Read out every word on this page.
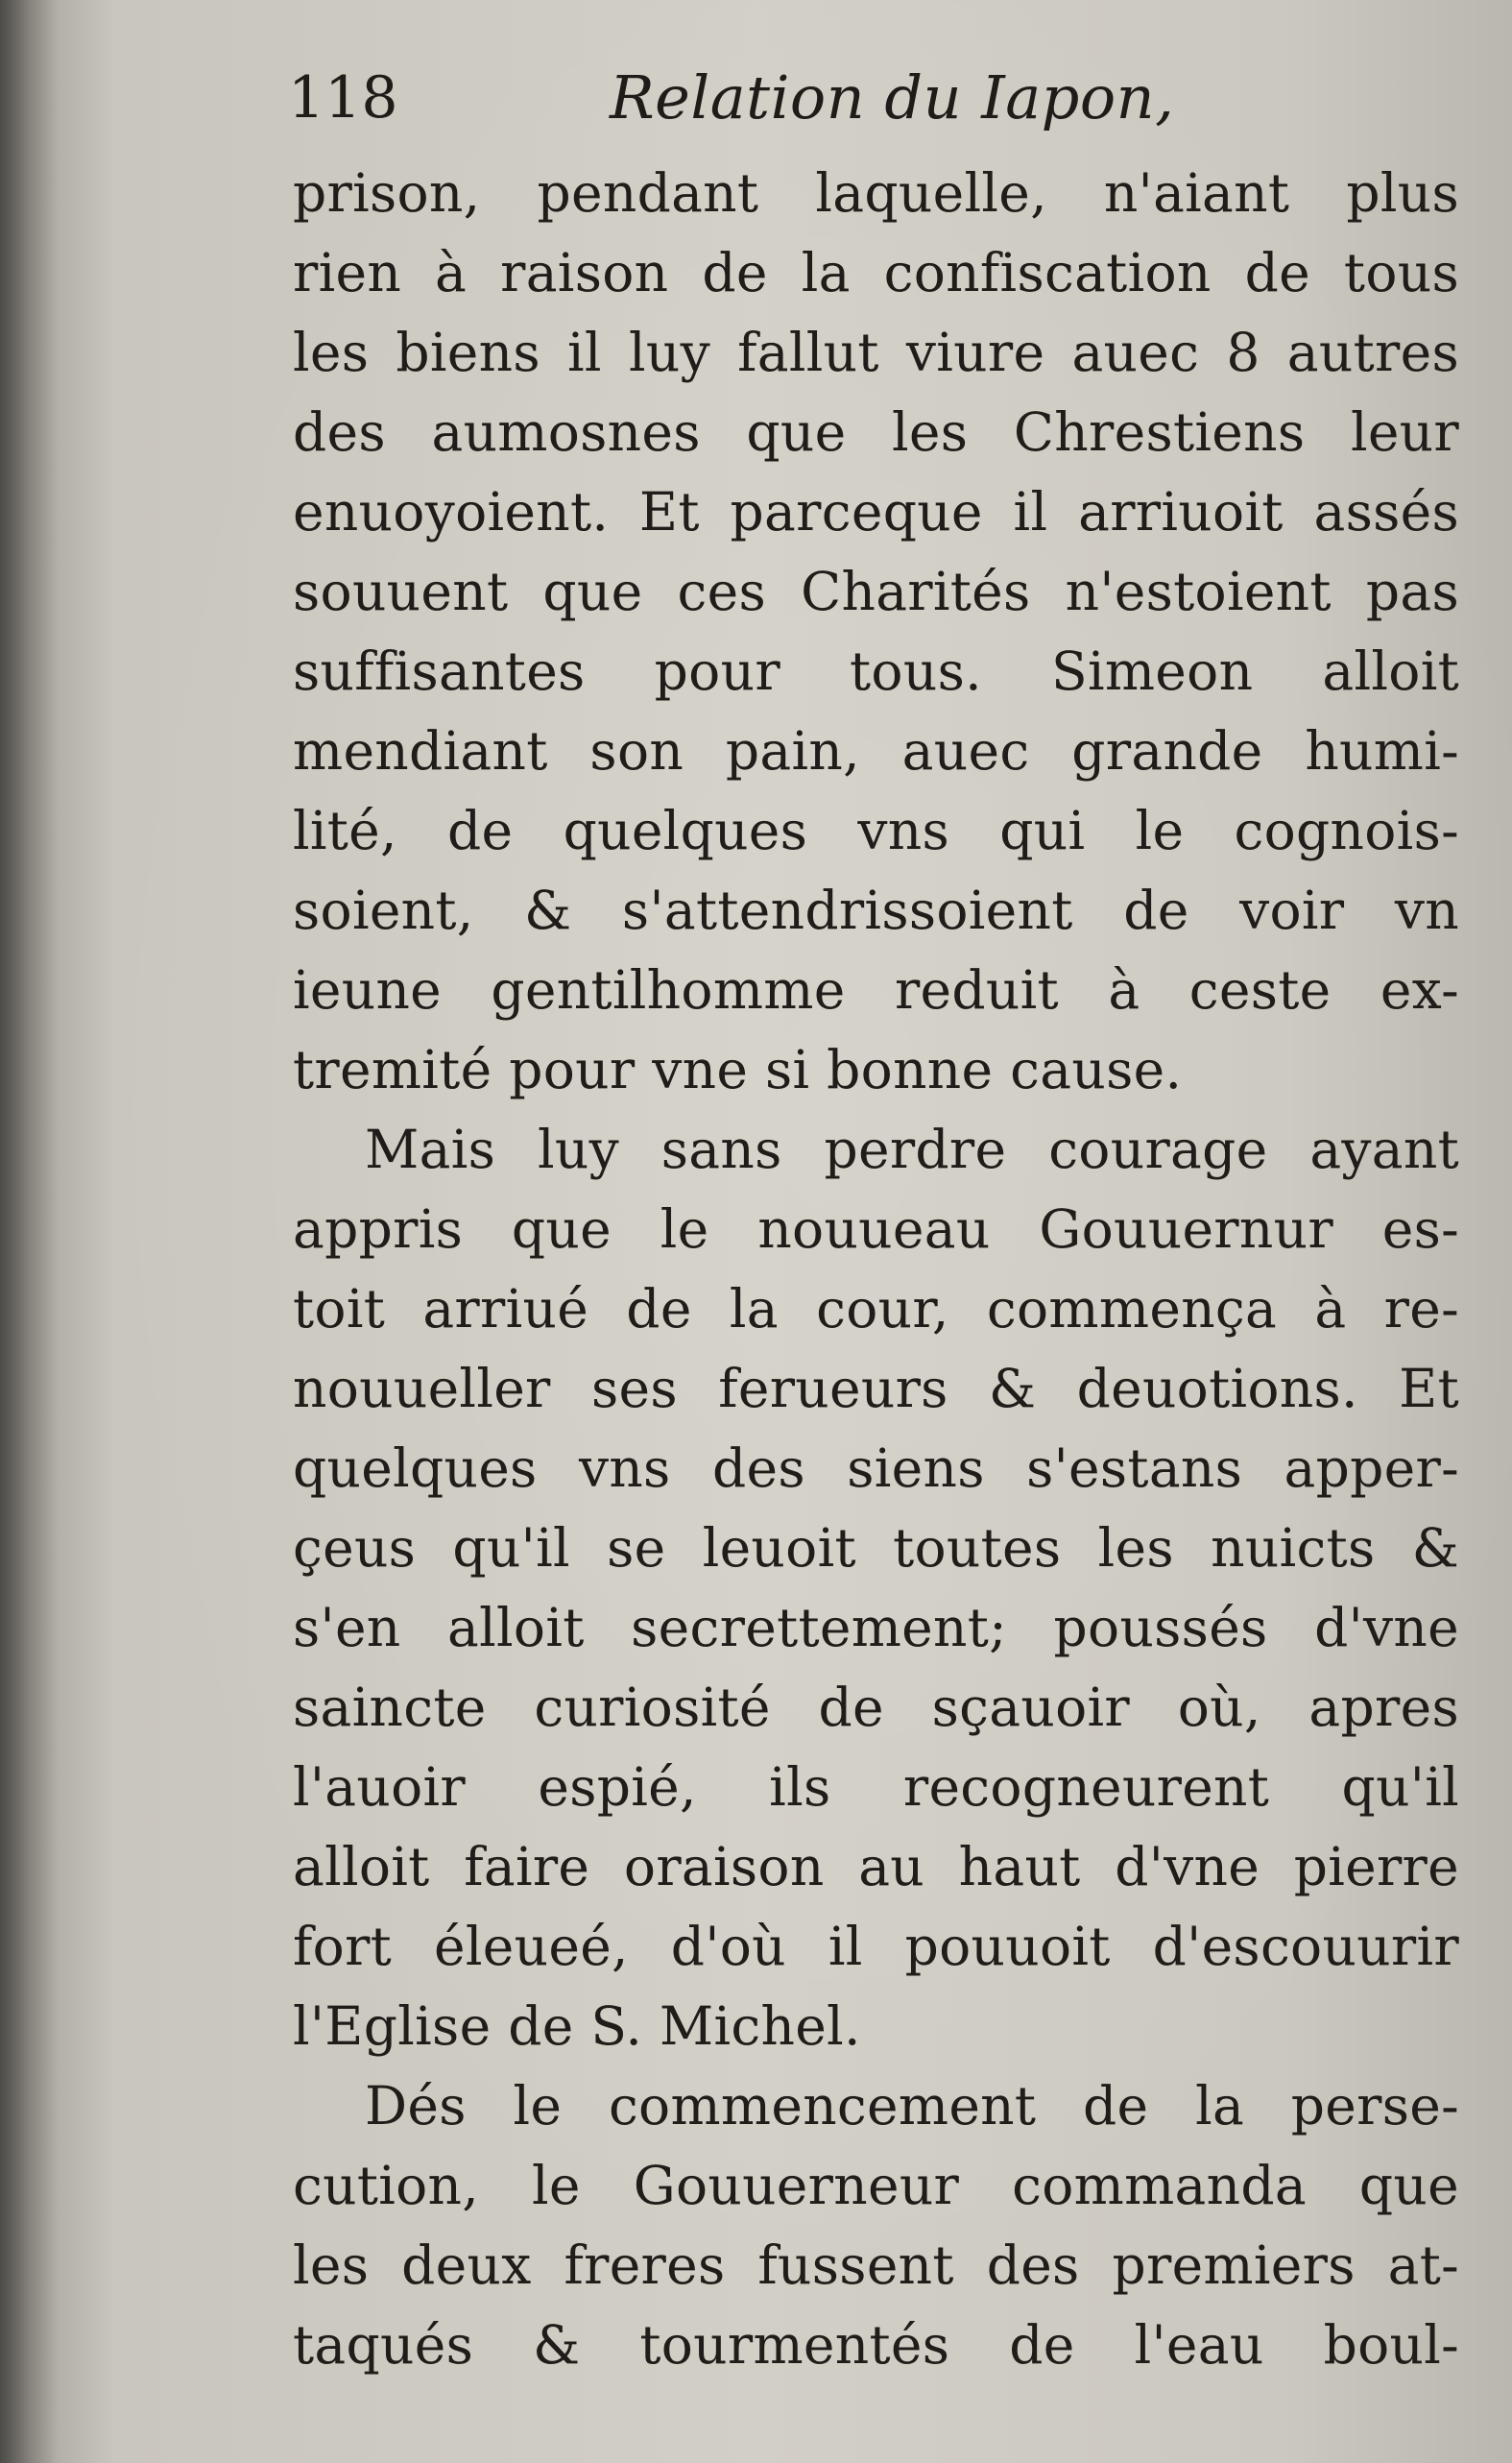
118	Relation du Iapon,
prison, pendant laquelle, n'aiant plus
rien à raison de la confiscation de tous
les biens il luy fallut viure auec 8 autres
des aumosnes que les Chrestiens leur
enuoyoient. Et parceque il arriuoit assés
souuent que ces Charités n'estoient pas
suffisantes pour tous. Simeon alloit
mendiant son pain, auec grande humi-
lité, de quelques vns qui le cognois-
soient, & s'attendrissoient de voir vn
ieune gentilhomme reduit à ceste ex-
tremité pour vne si bonne cause.
Mais luy sans perdre courage ayant
appris que le nouueau Gouuernur es-
toit arriué de la cour, commença à re-
nouueller ses ferueurs & deuotions. Et
quelques vns des siens s'estans apper-
çeus qu'il se leuoit toutes les nuicts &
s'en alloit secrettement; poussés d'vne
saincte curiosité de sçauoir où, apres
l'auoir espié, ils recogneurent qu'il
alloit faire oraison au haut d'vne pierre
fort éleueé, d'où il pouuoit d'escouurir
l'Eglise de S. Michel.
Dés le commencement de la perse-
cution, le Gouuerneur commanda que
les deux freres fussent des premiers at-
taqués & tourmentés de l'eau boul-
